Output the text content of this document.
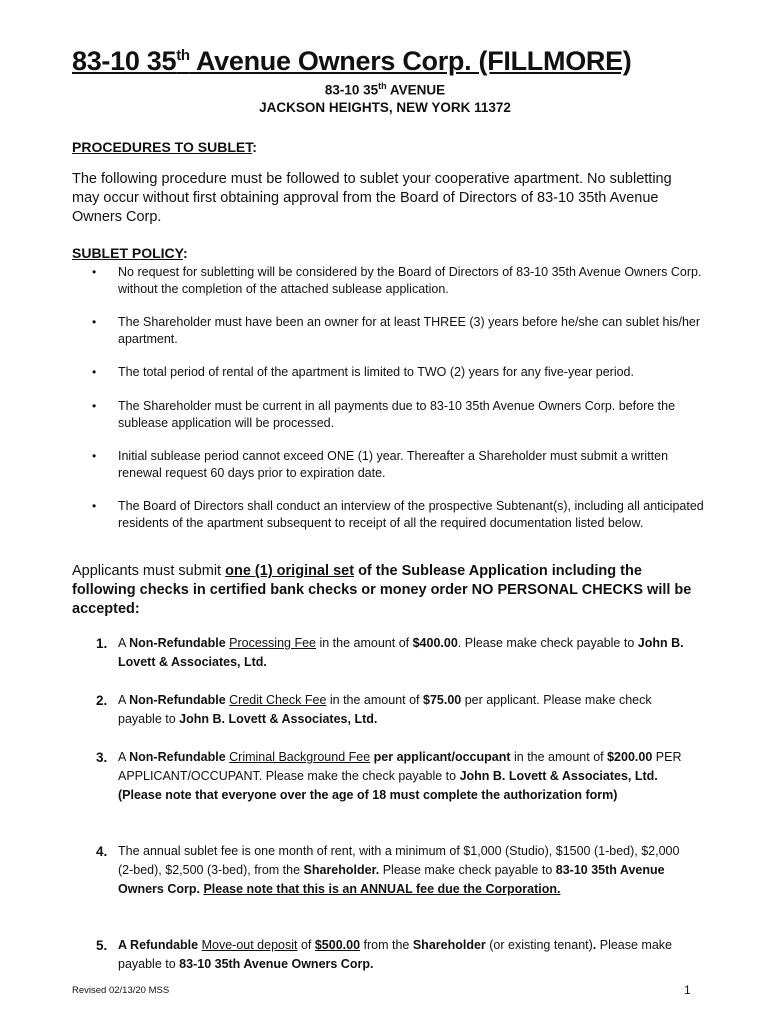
83-10 35th Avenue Owners Corp. (FILLMORE)

83-10 35th AVENUE

JACKSON HEIGHTS, NEW YORK 11372

PROCEDURES TO SUBLET:

The following procedure must be followed to sublet your cooperative apartment. No subletting may occur without first obtaining approval from the Board of Directors of 83-10 35th Avenue Owners Corp.

SUBLET POLICY:
• No request for subletting will be considered by the Board of Directors of 83-10 35th Avenue Owners Corp. without the completion of the attached sublease application.
• The Shareholder must have been an owner for at least THREE (3) years before he/she can sublet his/her apartment.
• The total period of rental of the apartment is limited to TWO (2) years for any five-year period.
• The Shareholder must be current in all payments due to 83-10 35th Avenue Owners Corp. before the sublease application will be processed.
• Initial sublease period cannot exceed ONE (1) year. Thereafter a Shareholder must submit a written renewal request 60 days prior to expiration date.
• The Board of Directors shall conduct an interview of the prospective Subtenant(s), including all anticipated residents of the apartment subsequent to receipt of all the required documentation listed below.

Applicants must submit one (1) original set of the Sublease Application including the following checks in certified bank checks or money order NO PERSONAL CHECKS will be accepted:

1. A Non-Refundable Processing Fee in the amount of $400.00. Please make check payable to John B. Lovett & Associates, Ltd.
2. A Non-Refundable Credit Check Fee in the amount of $75.00 per applicant. Please make check payable to John B. Lovett & Associates, Ltd.
3. A Non-Refundable Criminal Background Fee per applicant/occupant in the amount of $200.00 PER APPLICANT/OCCUPANT. Please make the check payable to John B. Lovett & Associates, Ltd. (Please note that everyone over the age of 18 must complete the authorization form)
4. The annual sublet fee is one month of rent, with a minimum of $1,000 (Studio), $1500 (1-bed), $2,000 (2-bed), $2,500 (3-bed), from the Shareholder. Please make check payable to 83-10 35th Avenue Owners Corp. Please note that this is an ANNUAL fee due the Corporation.
5. A Refundable Move-out deposit of $500.00 from the Shareholder (or existing tenant). Please make payable to 83-10 35th Avenue Owners Corp.

Revised 02/13/20 MSS	1
